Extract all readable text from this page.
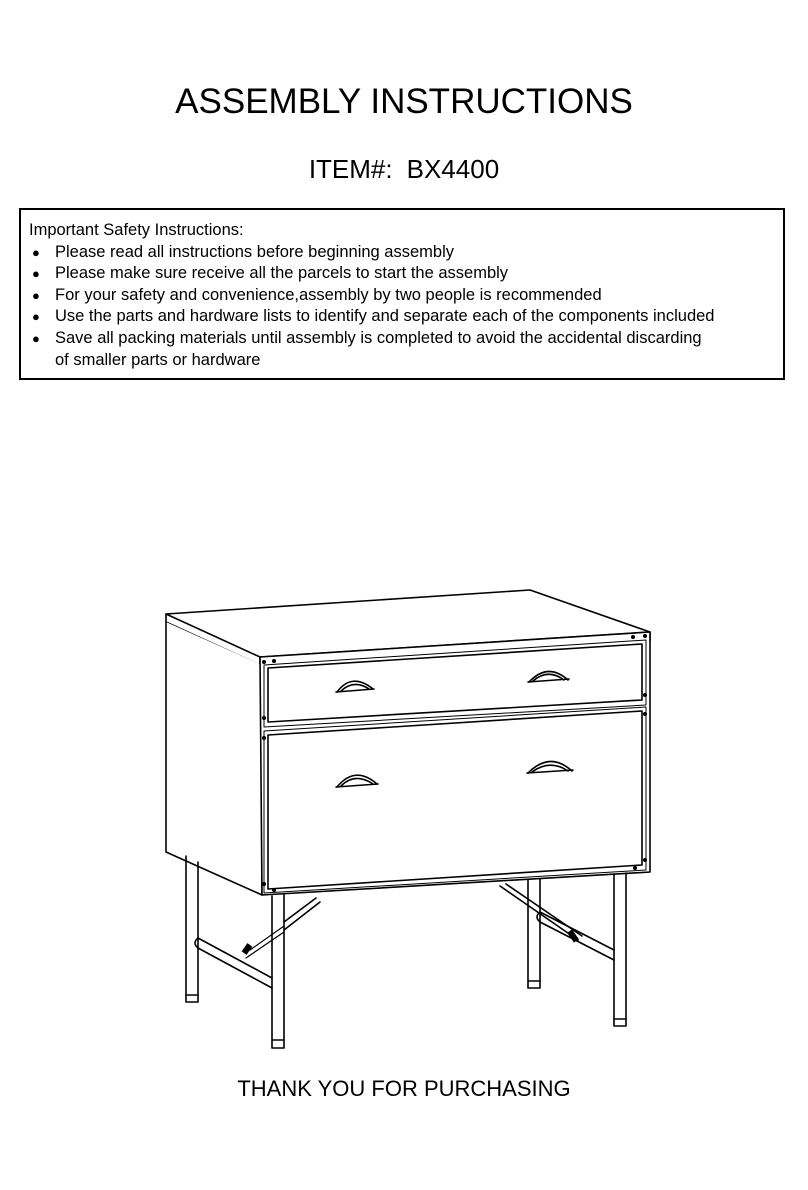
ASSEMBLY INSTRUCTIONS
ITEM#: BX4400
Important Safety Instructions:
● Please read all instructions before beginning assembly
● Please make sure receive all the parcels to start the assembly
● For your safety and convenience,assembly by two people is recommended
● Use the parts and hardware lists to identify and separate each of the components included
● Save all packing materials until assembly is completed to avoid the accidental discarding
of smaller parts or hardware
THANK YOU FOR PURCHASING
